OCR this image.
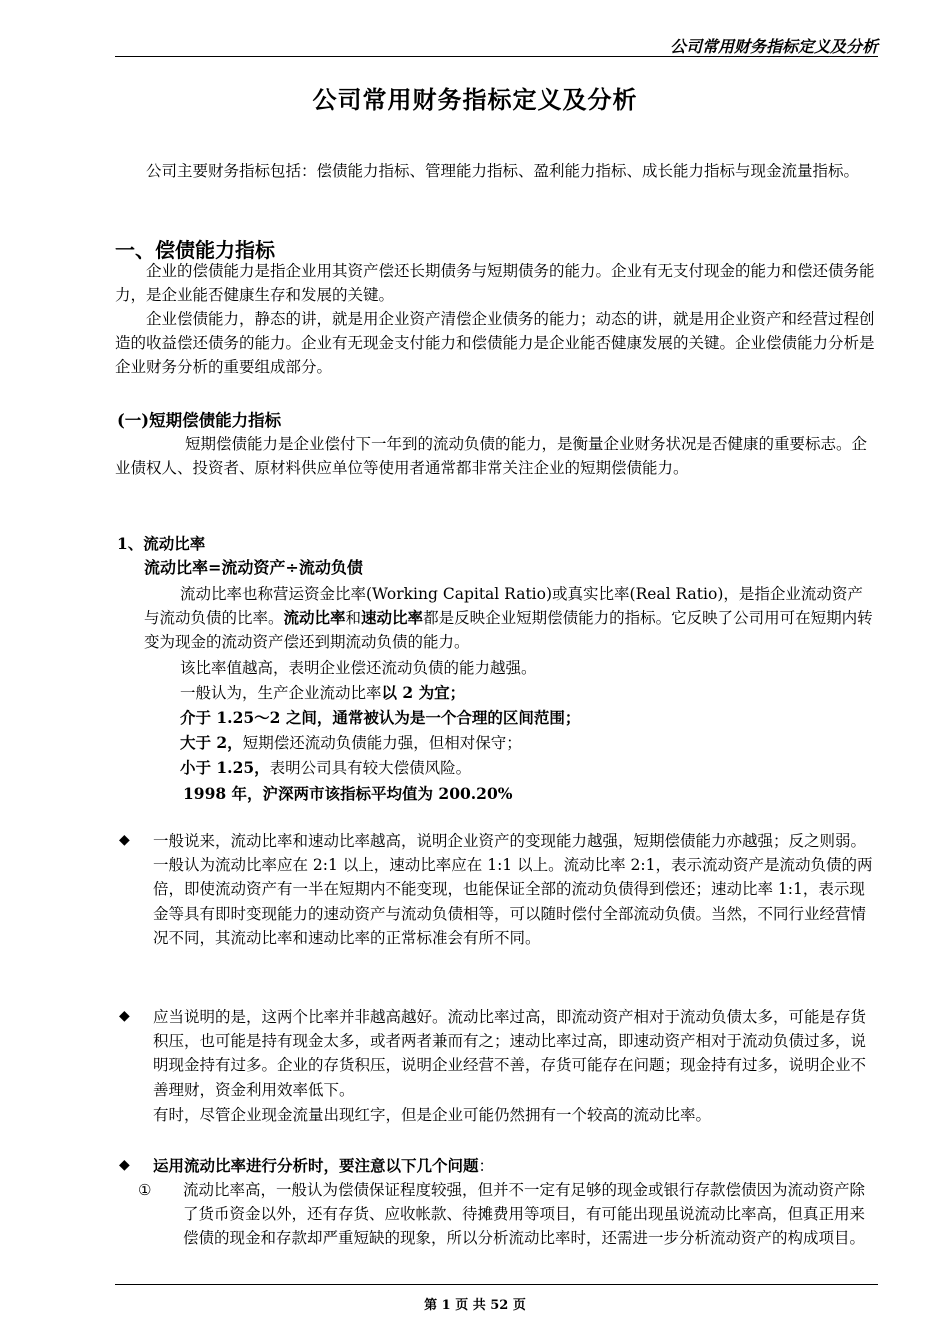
公司常用财务指标定义及分析
公司常用财务指标定义及分析
公司主要财务指标包括：偿债能力指标、管理能力指标、盈利能力指标、成长能力指标与现金流量指标。
一、偿债能力指标
企业的偿债能力是指企业用其资产偿还长期债务与短期债务的能力。企业有无支付现金的能力和偿还债务能力，是企业能否健康生存和发展的关键。
企业偿债能力，静态的讲，就是用企业资产清偿企业债务的能力；动态的讲，就是用企业资产和经营过程创造的收益偿还债务的能力。企业有无现金支付能力和偿债能力是企业能否健康发展的关键。企业偿债能力分析是企业财务分析的重要组成部分。
(一)短期偿债能力指标
短期偿债能力是企业偿付下一年到的流动负债的能力，是衡量企业财务状况是否健康的重要标志。企业债权人、投资者、原材料供应单位等使用者通常都非常关注企业的短期偿债能力。
1、流动比率
流动比率=流动资产÷流动负债
流动比率也称营运资金比率(Working Capital Ratio)或真实比率(Real Ratio)，是指企业流动资产与流动负债的比率。流动比率和速动比率都是反映企业短期偿债能力的指标。它反映了公司用可在短期内转变为现金的流动资产偿还到期流动负债的能力。
该比率值越高，表明企业偿还流动负债的能力越强。
一般认为，生产企业流动比率以 2 为宜；
介于 1.25～2 之间，通常被认为是一个合理的区间范围；
大于 2，短期偿还流动负债能力强，但相对保守；
小于 1.25，表明公司具有较大偿债风险。
1998 年，沪深两市该指标平均值为 200.20%
◆ 一般说来，流动比率和速动比率越高，说明企业资产的变现能力越强，短期偿债能力亦越强；反之则弱。一般认为流动比率应在 2:1 以上，速动比率应在 1:1 以上。流动比率 2:1，表示流动资产是流动负债的两倍，即使流动资产有一半在短期内不能变现，也能保证全部的流动负债得到偿还；速动比率 1:1，表示现金等具有即时变现能力的速动资产与流动负债相等，可以随时偿付全部流动负债。当然，不同行业经营情况不同，其流动比率和速动比率的正常标准会有所不同。
◆ 应当说明的是，这两个比率并非越高越好。流动比率过高，即流动资产相对于流动负债太多，可能是存货积压，也可能是持有现金太多，或者两者兼而有之；速动比率过高，即速动资产相对于流动负债过多，说明现金持有过多。企业的存货积压，说明企业经营不善，存货可能存在问题；现金持有过多，说明企业不善理财，资金利用效率低下。
有时，尽管企业现金流量出现红字，但是企业可能仍然拥有一个较高的流动比率。
◆ 运用流动比率进行分析时，要注意以下几个问题：
① 流动比率高，一般认为偿债保证程度较强，但并不一定有足够的现金或银行存款偿债因为流动资产除了货币资金以外，还有存货、应收帐款、待摊费用等项目，有可能出现虽说流动比率高，但真正用来偿债的现金和存款却严重短缺的现象，所以分析流动比率时，还需进一步分析流动资产的构成项目。
第 1 页 共 52 页
